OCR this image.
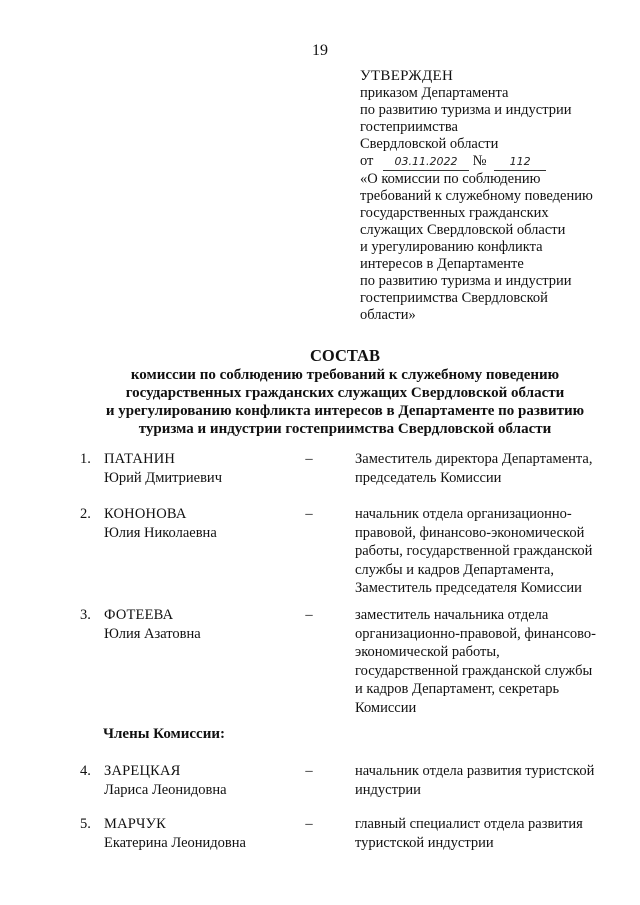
19
УТВЕРЖДЕН
приказом Департамента
по развитию туризма и индустрии
гостеприимства
Свердловской области
от 03.11.2022 № 112
«О комиссии по соблюдению
требований к служебному поведению
государственных гражданских
служащих Свердловской области
и урегулированию конфликта
интересов в Департаменте
по развитию туризма и индустрии
гостеприимства Свердловской
области»
СОСТАВ
комиссии по соблюдению требований к служебному поведению
государственных гражданских служащих Свердловской области
и урегулированию конфликта интересов в Департаменте по развитию
туризма и индустрии гостеприимства Свердловской области
1. ПАТАНИН
Юрий Дмитриевич
–	Заместитель директора Департамента,
председатель Комиссии
2. КОНОНОВА
Юлия Николаевна
–	начальник отдела организационно-
правовой, финансово-экономической
работы, государственной гражданской
службы и кадров Департамента,
Заместитель председателя Комиссии
3. ФОТЕЕВА
Юлия Азатовна
–	заместитель начальника отдела
организационно-правовой, финансово-
экономической работы,
государственной гражданской службы
и кадров Департамент, секретарь
Комиссии
Члены Комиссии:
4. ЗАРЕЦКАЯ
Лариса Леонидовна
–	начальник отдела развития туристской
индустрии
5. МАРЧУК
Екатерина Леонидовна
–	главный специалист отдела развития
туристской индустрии
